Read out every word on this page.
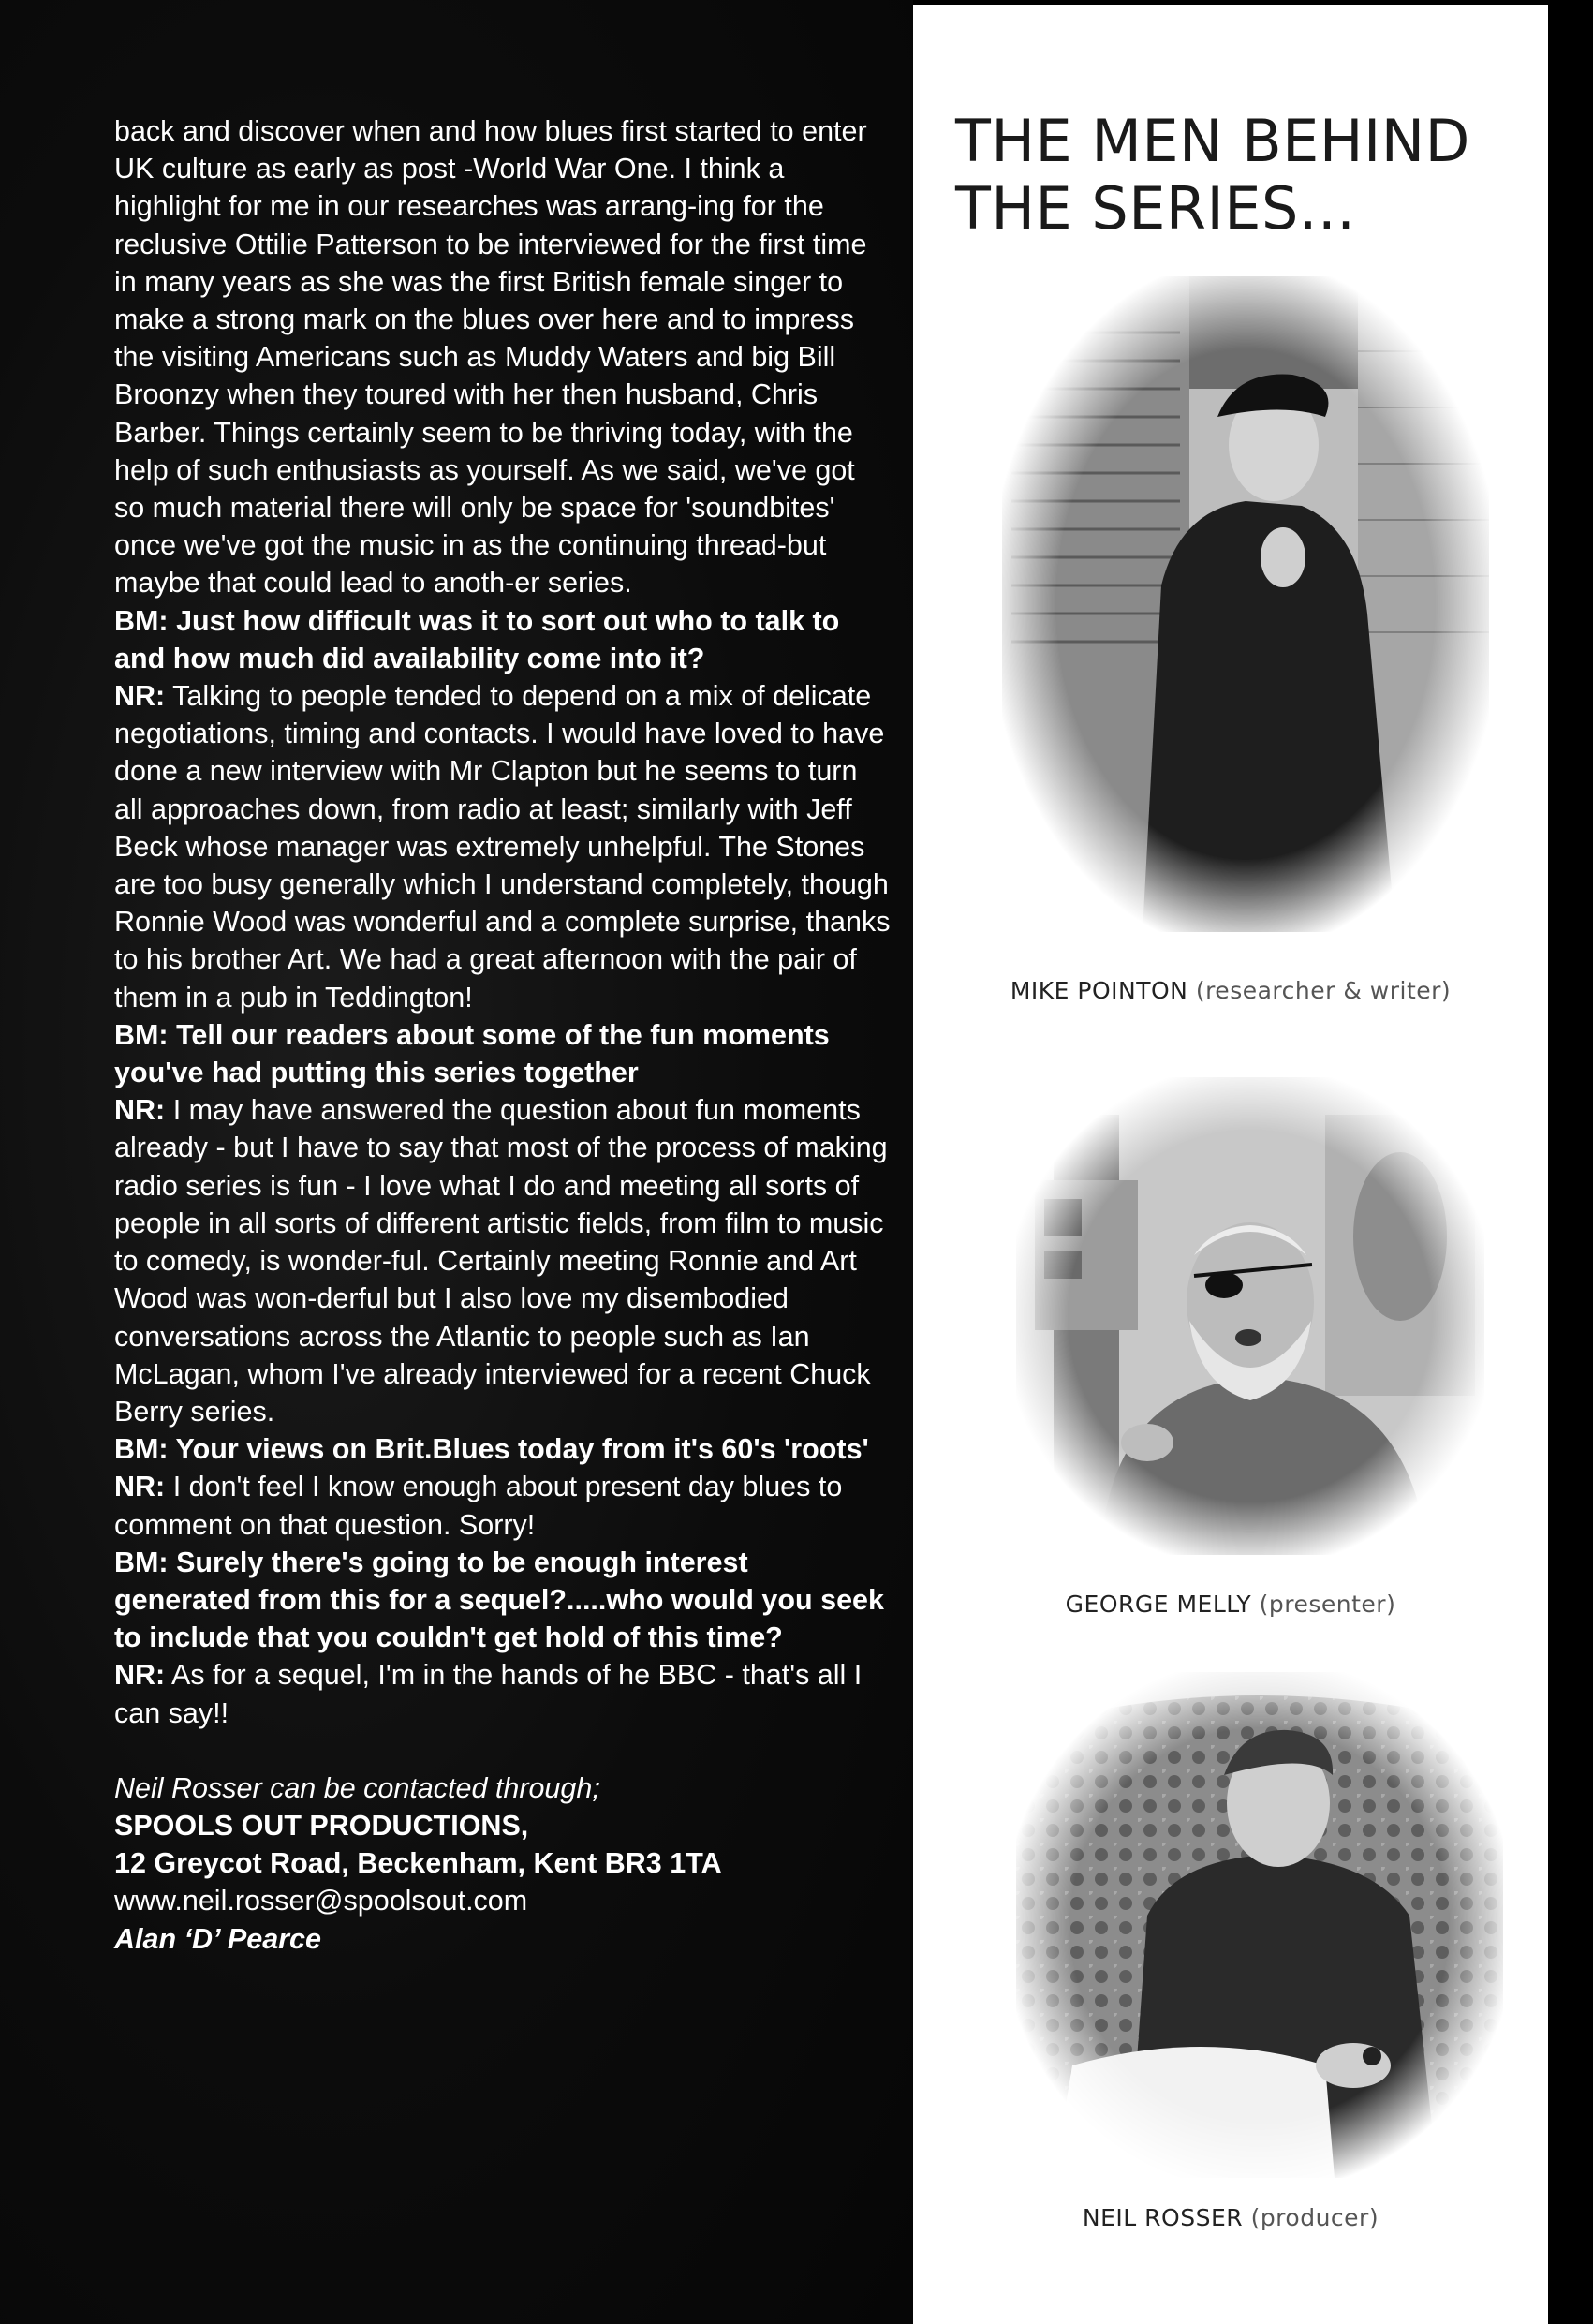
back and discover when and how blues first started to enter UK culture as early as post -World War One. I think a highlight for me in our researches was arrang-ing for the reclusive Ottilie Patterson to be interviewed for the first time in many years as she was the first British female singer to make a strong mark on the blues over here and to impress the visiting Americans such as Muddy Waters and big Bill Broonzy when they toured with her then husband, Chris Barber. Things certainly seem to be thriving today, with the help of such enthusiasts as yourself. As we said, we've got so much material there will only be space for 'soundbites' once we've got the music in as the continuing thread-but maybe that could lead to anoth-er series.

BM: Just how difficult was it to sort out who to talk to and how much did availability come into it?

NR: Talking to people tended to depend on a mix of delicate negotiations, timing and contacts. I would have loved to have done a new interview with Mr Clapton but he seems to turn all approaches down, from radio at least; similarly with Jeff Beck whose manager was extremely unhelpful. The Stones are too busy generally which I understand completely, though Ronnie Wood was wonderful and a complete surprise, thanks to his brother Art. We had a great afternoon with the pair of them in a pub in Teddington!

BM: Tell our readers about some of the fun moments you've had putting this series together

NR: I may have answered the question about fun moments already - but I have to say that most of the process of making radio series is fun - I love what I do and meeting all sorts of people in all sorts of different artistic fields, from film to music to comedy, is wonder-ful. Certainly meeting Ronnie and Art Wood was won-derful but I also love my disembodied conversations across the Atlantic to people such as Ian McLagan, whom I've already interviewed for a recent Chuck Berry series.

BM: Your views on Brit.Blues today from it's 60's 'roots'

NR: I don't feel I know enough about present day blues to comment on that question. Sorry!

BM: Surely there's going to be enough interest generated from this for a sequel?.....who would you seek to include that you couldn't get hold of this time?

NR: As for a sequel, I'm in the hands of he BBC - that's all I can say!!

Neil Rosser can be contacted through;

SPOOLS OUT PRODUCTIONS,

12 Greycot Road, Beckenham, Kent BR3 1TA

www.neil.rosser@spoolsout.com

Alan ‘D’ Pearce

THE MEN BEHIND THE SERIES...
MIKE POINTON (researcher & writer)
GEORGE MELLY (presenter)
NEIL ROSSER (producer)
